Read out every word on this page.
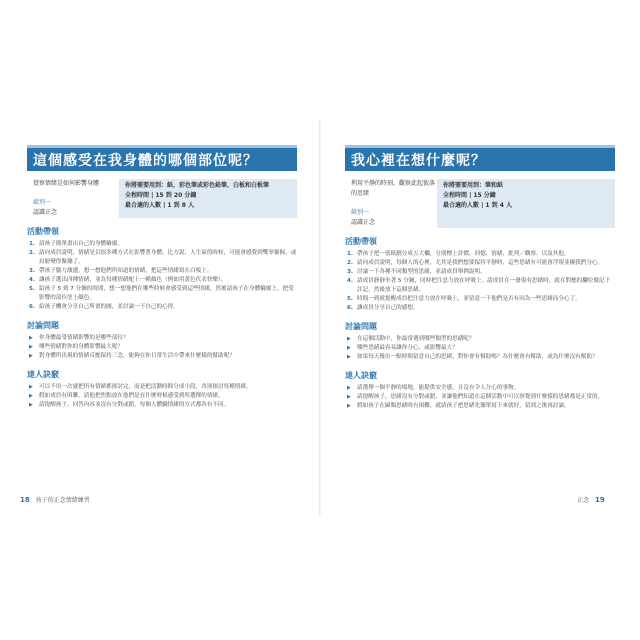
這個感受在我身體的哪個部位呢？
覺察情緒是如何影響身體
級別一
認識正念
你將需要用到：紙，彩色筆或彩色鉛筆，白板和白板筆
全程時間 | 15 到 20 分鐘
最合適的人數 | 1 到 8 人
活動帶領
1. 請孩子簡單畫出自己的身體輪廓。
2. 請向成員說明，情緒是以很多種方式在影響著身體，比方說，人生氣的時候，可能會感覺到雙拳緊握、或肩膀變得緊繃了。
3. 帶孩子腦力激盪，想一想他們所知道的情緒，把這些情緒寫在白板上。
4. 讓孩子選出四種情緒，並為每種情緒配上一種顏色（例如用黃色代表快樂）。
5. 給孩子 5 到 7 分鐘的時間，想一想他們在哪些時候會感受到這些情緒，然後請孩子在身體輪廓上，把受影響的部位塗上顏色。
6. 給孩子機會分享自己所畫的圖，並討論一下自己的心得。
討論問題
▶ 你身體最受情緒影響的是哪些部位？
▶ 哪些情緒對你的身體影響最大呢？
▶ 對身體所出現的情緒反應保持三念，能夠在你日常生活中帶來什麼樣的幫助呢？
達人訣竅
▶ 可以不用一次就把所有情緒都探討完，而是把活動時間分成小段，各別探討每種情緒。
▶ 假如成員有困難，請他把焦點放在他們是在什麼時候感受到所選擇的情緒。
▶ 請提醒孩子，回答內容並沒有分對或錯，每個人體驗情緒的方式都各有不同。
我心裡在想什麼呢？
利用平靜的時刻，觀察此起彼落的思緒
級別一
認識正念
你將需要用到：筆和紙
全程時間 | 15 分鐘
最合適的人數 | 1 到 4 人
活動帶領
1. 帶孩子把一張紙劃分成五大欄，分別標上評價、回憶、情緒、批判／觀察、以及其他。
2. 請向成員說明，每個人的心裡，尤其是我們想要保持平靜時，這些思緒有可能會浮現並擾我們分心。
3. 討論一下各種不同類型的思緒，並請成員舉例說明。
4. 請成員靜靜坐著 5 分鐘，同時把注意力放在呼吸上。請成員在一發現有思緒時，就在對應的欄位做記下註記，然後放下這個思緒。
5. 時間一到就提醒成員把注意力放在呼吸上，並留意一下他們是否有因為一些思緒而分心了。
6. 讓成員分享自己的感想。
討論問題
▶ 在這個活動中，你最常遇到哪些類型的思緒呢？
▶ 哪些思緒最容易讓你分心，或影響最大？
▶ 如果每天撥出一點時間留意自己的思緒，對你會有幫助嗎？為什麼會有幫助，或為什麼沒有幫助？
達人訣竅
▶ 請選擇一個平靜的場地，能提供安全感，且沒有令人分心的事物。
▶ 請提醒孩子，思緒沒有分對或錯，並讓他們知道在這個活動中可以察覺到什麼樣的思緒都是正常的。
▶ 假如孩子在歸類思緒時有困難，就請孩子把思緒先簡單寫下來就好，留到之後再討論。
18 孩子的正念情緒練習	正念 19
